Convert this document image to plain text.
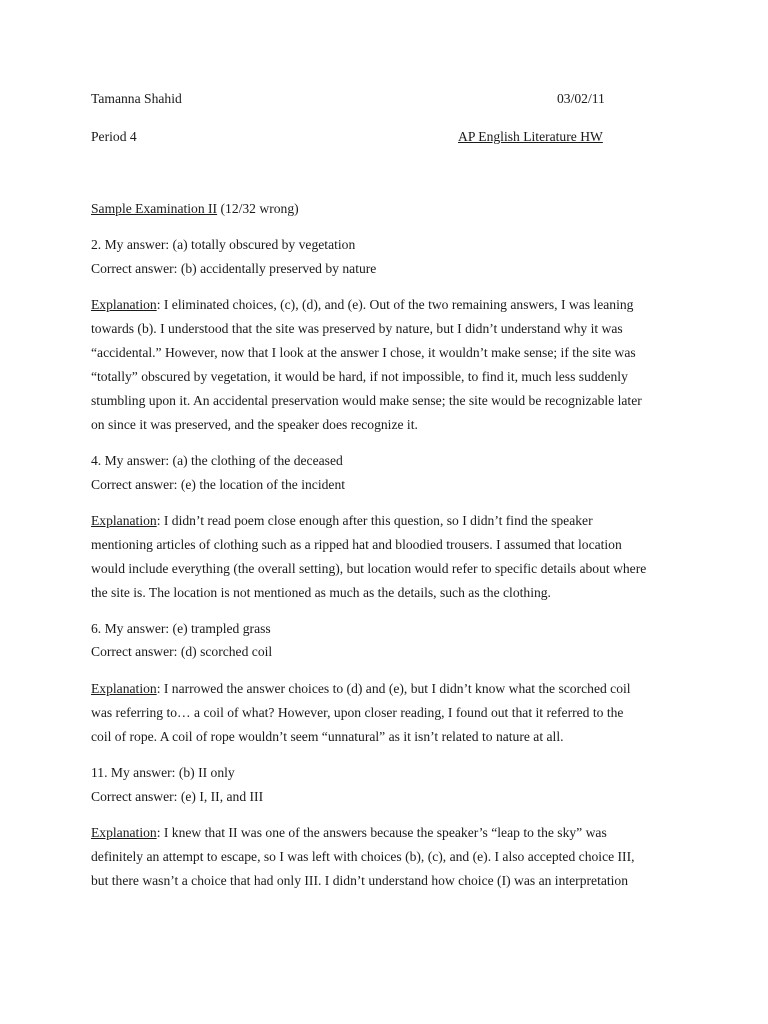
Tamanna Shahid	03/02/11
Period 4	AP English Literature HW
Sample Examination II (12/32 wrong)
2. My answer: (a) totally obscured by vegetation
Correct answer: (b) accidentally preserved by nature
Explanation: I eliminated choices, (c), (d), and (e). Out of the two remaining answers, I was leaning
towards (b). I understood that the site was preserved by nature, but I didn’t understand why it was
“accidental.” However, now that I look at the answer I chose, it wouldn’t make sense; if the site was
“totally” obscured by vegetation, it would be hard, if not impossible, to find it, much less suddenly
stumbling upon it. An accidental preservation would make sense; the site would be recognizable later
on since it was preserved, and the speaker does recognize it.
4. My answer: (a) the clothing of the deceased
Correct answer: (e) the location of the incident
Explanation: I didn’t read poem close enough after this question, so I didn’t find the speaker
mentioning articles of clothing such as a ripped hat and bloodied trousers. I assumed that location
would include everything (the overall setting), but location would refer to specific details about where
the site is. The location is not mentioned as much as the details, such as the clothing.
6. My answer: (e) trampled grass
Correct answer: (d) scorched coil
Explanation: I narrowed the answer choices to (d) and (e), but I didn’t know what the scorched coil
was referring to… a coil of what? However, upon closer reading, I found out that it referred to the
coil of rope. A coil of rope wouldn’t seem “unnatural” as it isn’t related to nature at all.
11. My answer: (b) II only
Correct answer: (e) I, II, and III
Explanation: I knew that II was one of the answers because the speaker’s “leap to the sky” was
definitely an attempt to escape, so I was left with choices (b), (c), and (e). I also accepted choice III,
but there wasn’t a choice that had only III. I didn’t understand how choice (I) was an interpretation
